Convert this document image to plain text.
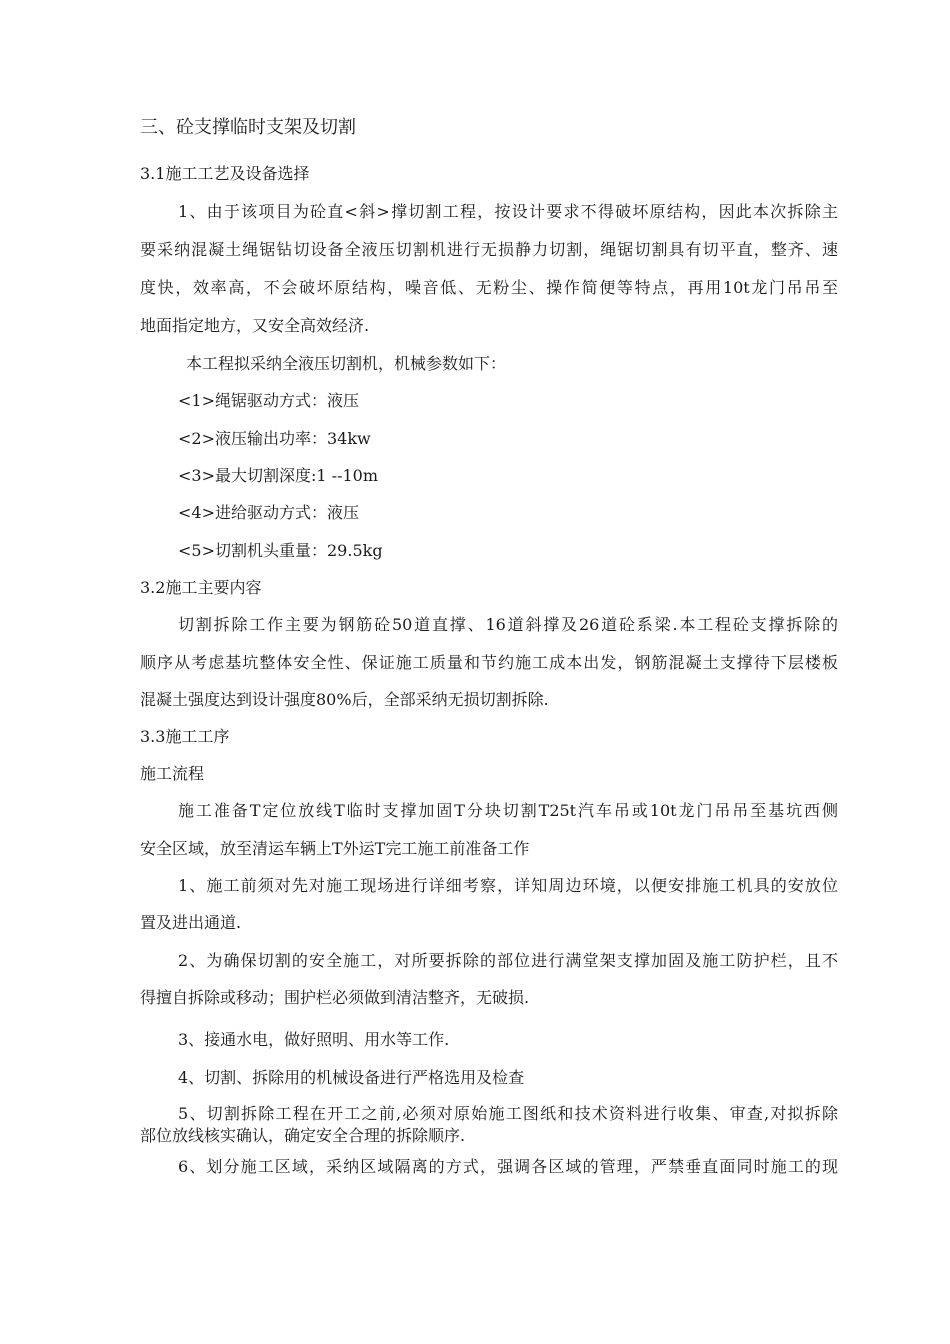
三、砼支撑临时支架及切割
3.1施工工艺及设备选择
1、由于该项目为砼直<斜>撑切割工程，按设计要求不得破坏原结构，因此本次拆除主
要采纳混凝土绳锯钻切设备全液压切割机进行无损静力切割，绳锯切割具有切平直，整齐、速
度快，效率高，不会破坏原结构，噪音低、无粉尘、操作简便等特点，再用10t龙门吊吊至
地面指定地方，又安全高效经济.
本工程拟采纳全液压切割机，机械参数如下：
<1>绳锯驱动方式：液压
<2>液压输出功率：34kw
<3>最大切割深度:1 --10m
<4>进给驱动方式：液压
<5>切割机头重量：29.5kg
3.2施工主要内容
切割拆除工作主要为钢筋砼50道直撑、16道斜撑及26道砼系梁.本工程砼支撑拆除的
顺序从考虑基坑整体安全性、保证施工质量和节约施工成本出发，钢筋混凝土支撑待下层楼板
混凝土强度达到设计强度80%后，全部采纳无损切割拆除.
3.3施工工序
施工流程
施工准备T定位放线T临时支撑加固T分块切割T25t汽车吊或10t龙门吊吊至基坑西侧
安全区域，放至清运车辆上T外运T完工施工前准备工作
1、施工前须对先对施工现场进行详细考察，详知周边环境，以便安排施工机具的安放位
置及进出通道.
2、为确保切割的安全施工，对所要拆除的部位进行满堂架支撑加固及施工防护栏，且不
得擅自拆除或移动；围护栏必须做到清洁整齐，无破损.
3、接通水电，做好照明、用水等工作.
4、切割、拆除用的机械设备进行严格选用及检查
5、切割拆除工程在开工之前,必须对原始施工图纸和技术资料进行收集、审查,对拟拆除
部位放线核实确认，确定安全合理的拆除顺序.
6、划分施工区域，采纳区域隔离的方式，强调各区域的管理，严禁垂直面同时施工的现
